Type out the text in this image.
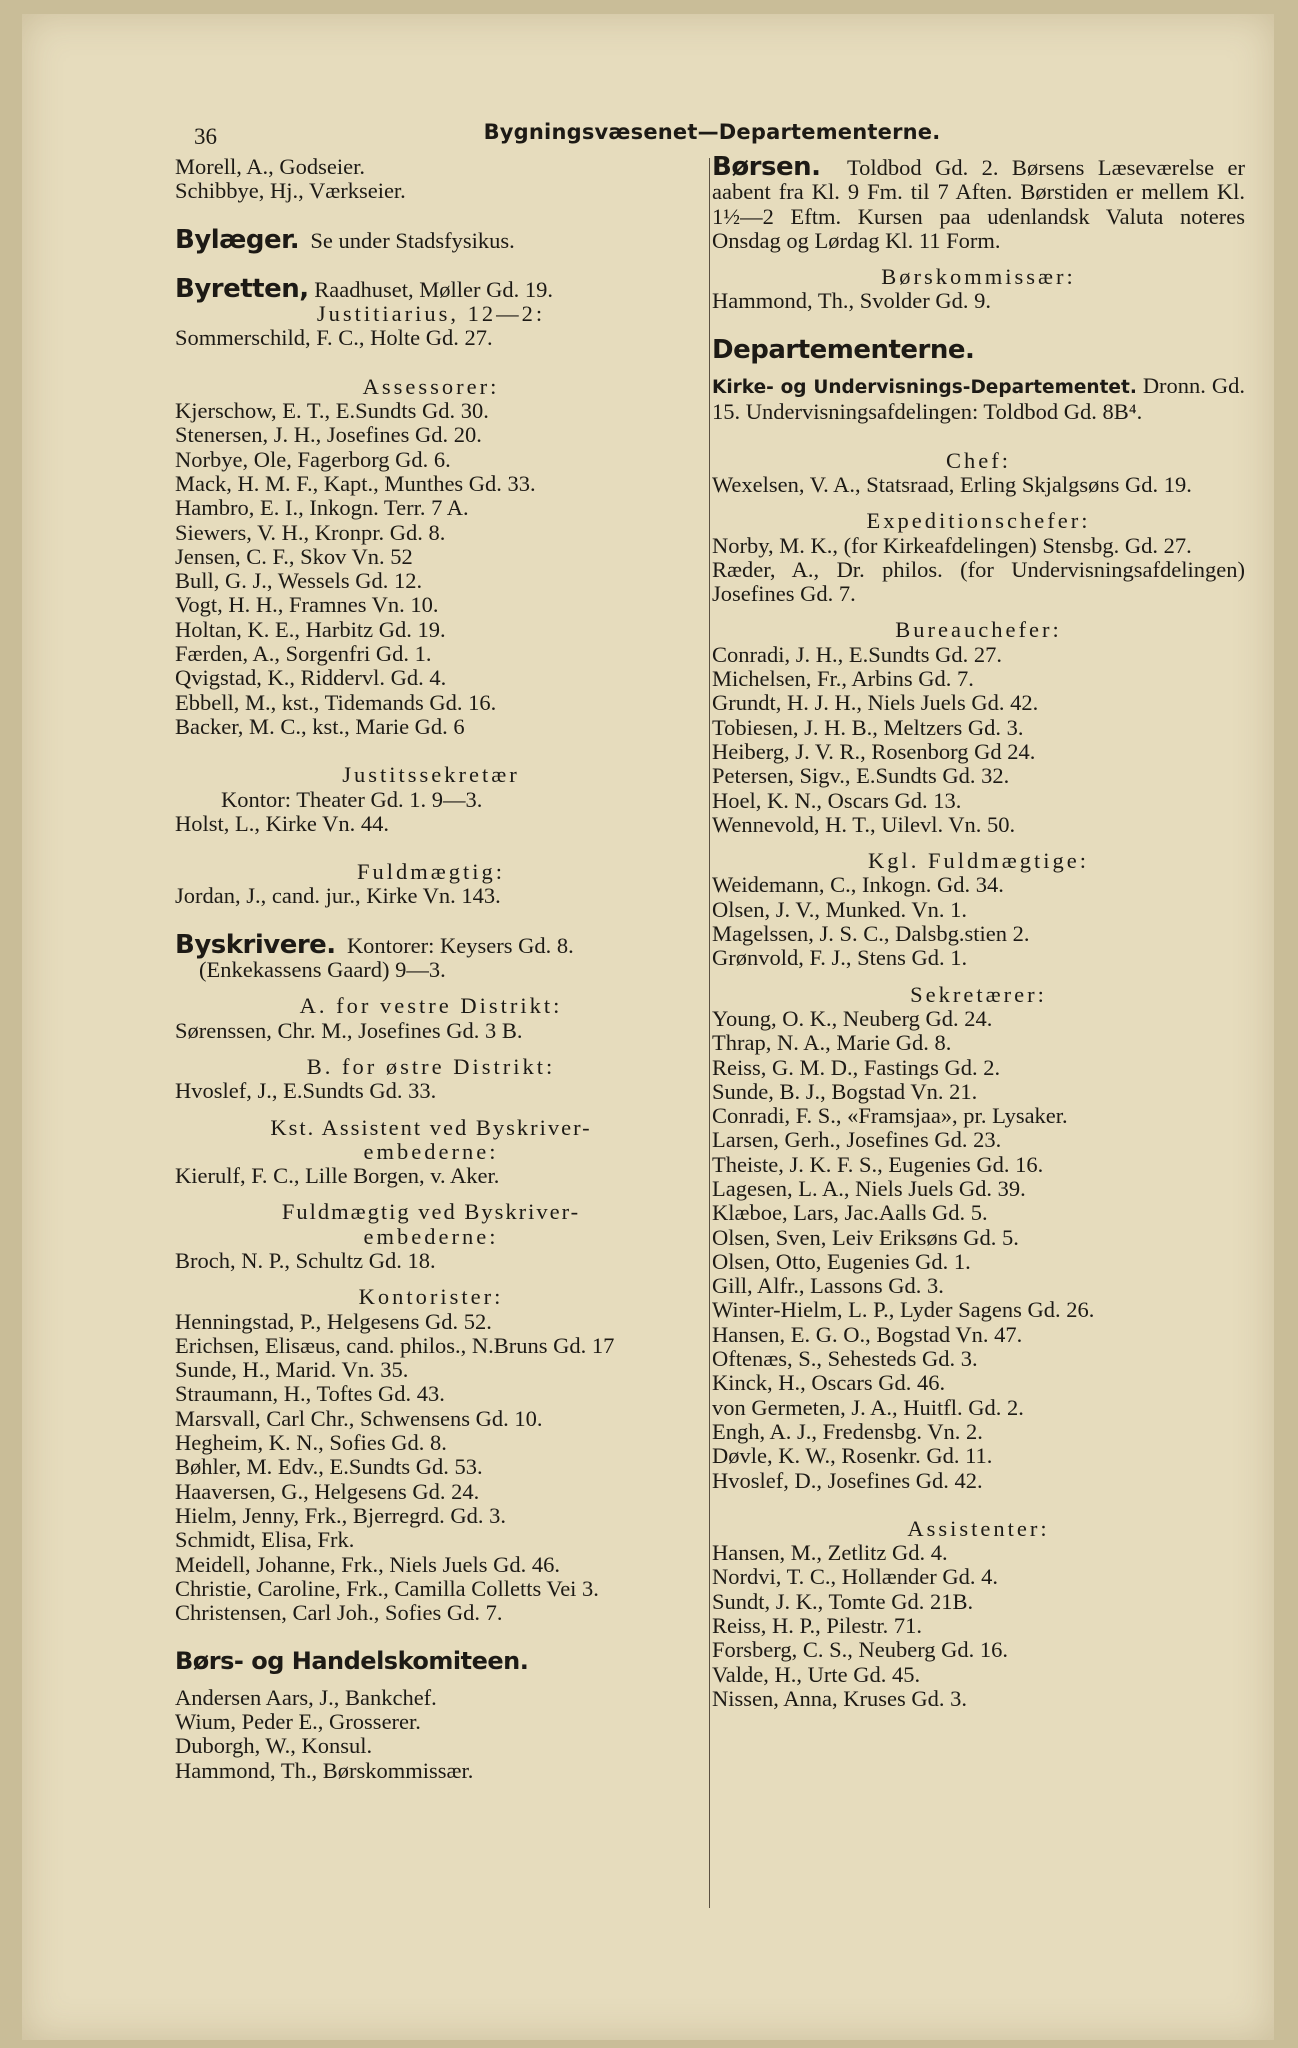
36	Bygningsvæsenet—Departementerne.
Morell, A., Godseier.
Schibbye, Hj., Værkseier.
Bylæger. Se under Stadsfysikus.
Byretten, Raadhuset, Møller Gd. 19.
Justitiarius, 12—2:
Sommerschild, F. C., Holte Gd. 27.
Assessorer:
Kjerschow, E. T., E.Sundts Gd. 30.
Stenersen, J. H., Josefines Gd. 20.
Norbye, Ole, Fagerborg Gd. 6.
Mack, H. M. F., Kapt., Munthes Gd. 33.
Hambro, E. I., Inkogn. Terr. 7 A.
Siewers, V. H., Kronpr. Gd. 8.
Jensen, C. F., Skov Vn. 52
Bull, G. J., Wessels Gd. 12.
Vogt, H. H., Framnes Vn. 10.
Holtan, K. E., Harbitz Gd. 19.
Færden, A., Sorgenfri Gd. 1.
Qvigstad, K., Riddervl. Gd. 4.
Ebbell, M., kst., Tidemands Gd. 16.
Backer, M. C., kst., Marie Gd. 6
Justitssekretær
Kontor: Theater Gd. 1. 9—3.
Holst, L., Kirke Vn. 44.
Fuldmægtig:
Jordan, J., cand. jur., Kirke Vn. 143.
Byskrivere. Kontorer: Keysers Gd. 8.
(Enkekassens Gaard) 9—3.
A. for vestre Distrikt:
Sørenssen, Chr. M., Josefines Gd. 3 B.
B. for østre Distrikt:
Hvoslef, J., E.Sundts Gd. 33.
Kst. Assistent ved Byskriver-
embederne:
Kierulf, F. C., Lille Borgen, v. Aker.
Fuldmægtig ved Byskriver-
embederne:
Broch, N. P., Schultz Gd. 18.
Kontorister:
Henningstad, P., Helgesens Gd. 52.
Erichsen, Elisæus, cand. philos., N.Bruns Gd. 17
Sunde, H., Marid. Vn. 35.
Straumann, H., Toftes Gd. 43.
Marsvall, Carl Chr., Schwensens Gd. 10.
Hegheim, K. N., Sofies Gd. 8.
Bøhler, M. Edv., E.Sundts Gd. 53.
Haaversen, G., Helgesens Gd. 24.
Hielm, Jenny, Frk., Bjerregrd. Gd. 3.
Schmidt, Elisa, Frk.
Meidell, Johanne, Frk., Niels Juels Gd. 46.
Christie, Caroline, Frk., Camilla Colletts Vei 3.
Christensen, Carl Joh., Sofies Gd. 7.
Børs- og Handelskomiteen.
Andersen Aars, J., Bankchef.
Wium, Peder E., Grosserer.
Duborgh, W., Konsul.
Hammond, Th., Børskommissær.
Børsen. Toldbod Gd. 2. Børsens Læseværelse er aabent fra Kl. 9 Fm. til 7 Aften. Børstiden er mellem Kl. 1½—2 Eftm. Kursen paa udenlandsk Valuta noteres Onsdag og Lørdag Kl. 11 Form.
Børskommissær:
Hammond, Th., Svolder Gd. 9.
Departementerne.
Kirke- og Undervisnings-Departementet. Dronn. Gd. 15. Undervisningsafdelingen: Toldbod Gd. 8B⁴.
Chef:
Wexelsen, V. A., Statsraad, Erling Skjalgsøns Gd. 19.
Expeditionschefer:
Norby, M. K., (for Kirkeafdelingen) Stensbg. Gd. 27.
Ræder, A., Dr. philos. (for Undervisningsafdelingen) Josefines Gd. 7.
Bureauchefer:
Conradi, J. H., E.Sundts Gd. 27.
Michelsen, Fr., Arbins Gd. 7.
Grundt, H. J. H., Niels Juels Gd. 42.
Tobiesen, J. H. B., Meltzers Gd. 3.
Heiberg, J. V. R., Rosenborg Gd 24.
Petersen, Sigv., E.Sundts Gd. 32.
Hoel, K. N., Oscars Gd. 13.
Wennevold, H. T., Uilevl. Vn. 50.
Kgl. Fuldmægtige:
Weidemann, C., Inkogn. Gd. 34.
Olsen, J. V., Munked. Vn. 1.
Magelssen, J. S. C., Dalsbg.stien 2.
Grønvold, F. J., Stens Gd. 1.
Sekretærer:
Young, O. K., Neuberg Gd. 24.
Thrap, N. A., Marie Gd. 8.
Reiss, G. M. D., Fastings Gd. 2.
Sunde, B. J., Bogstad Vn. 21.
Conradi, F. S., «Framsjaa», pr. Lysaker.
Larsen, Gerh., Josefines Gd. 23.
Theiste, J. K. F. S., Eugenies Gd. 16.
Lagesen, L. A., Niels Juels Gd. 39.
Klæboe, Lars, Jac.Aalls Gd. 5.
Olsen, Sven, Leiv Eriksøns Gd. 5.
Olsen, Otto, Eugenies Gd. 1.
Gill, Alfr., Lassons Gd. 3.
Winter-Hielm, L. P., Lyder Sagens Gd. 26.
Hansen, E. G. O., Bogstad Vn. 47.
Oftenæs, S., Sehesteds Gd. 3.
Kinck, H., Oscars Gd. 46.
von Germeten, J. A., Huitfl. Gd. 2.
Engh, A. J., Fredensbg. Vn. 2.
Døvle, K. W., Rosenkr. Gd. 11.
Hvoslef, D., Josefines Gd. 42.
Assistenter:
Hansen, M., Zetlitz Gd. 4.
Nordvi, T. C., Hollænder Gd. 4.
Sundt, J. K., Tomte Gd. 21B.
Reiss, H. P., Pilestr. 71.
Forsberg, C. S., Neuberg Gd. 16.
Valde, H., Urte Gd. 45.
Nissen, Anna, Kruses Gd. 3.
